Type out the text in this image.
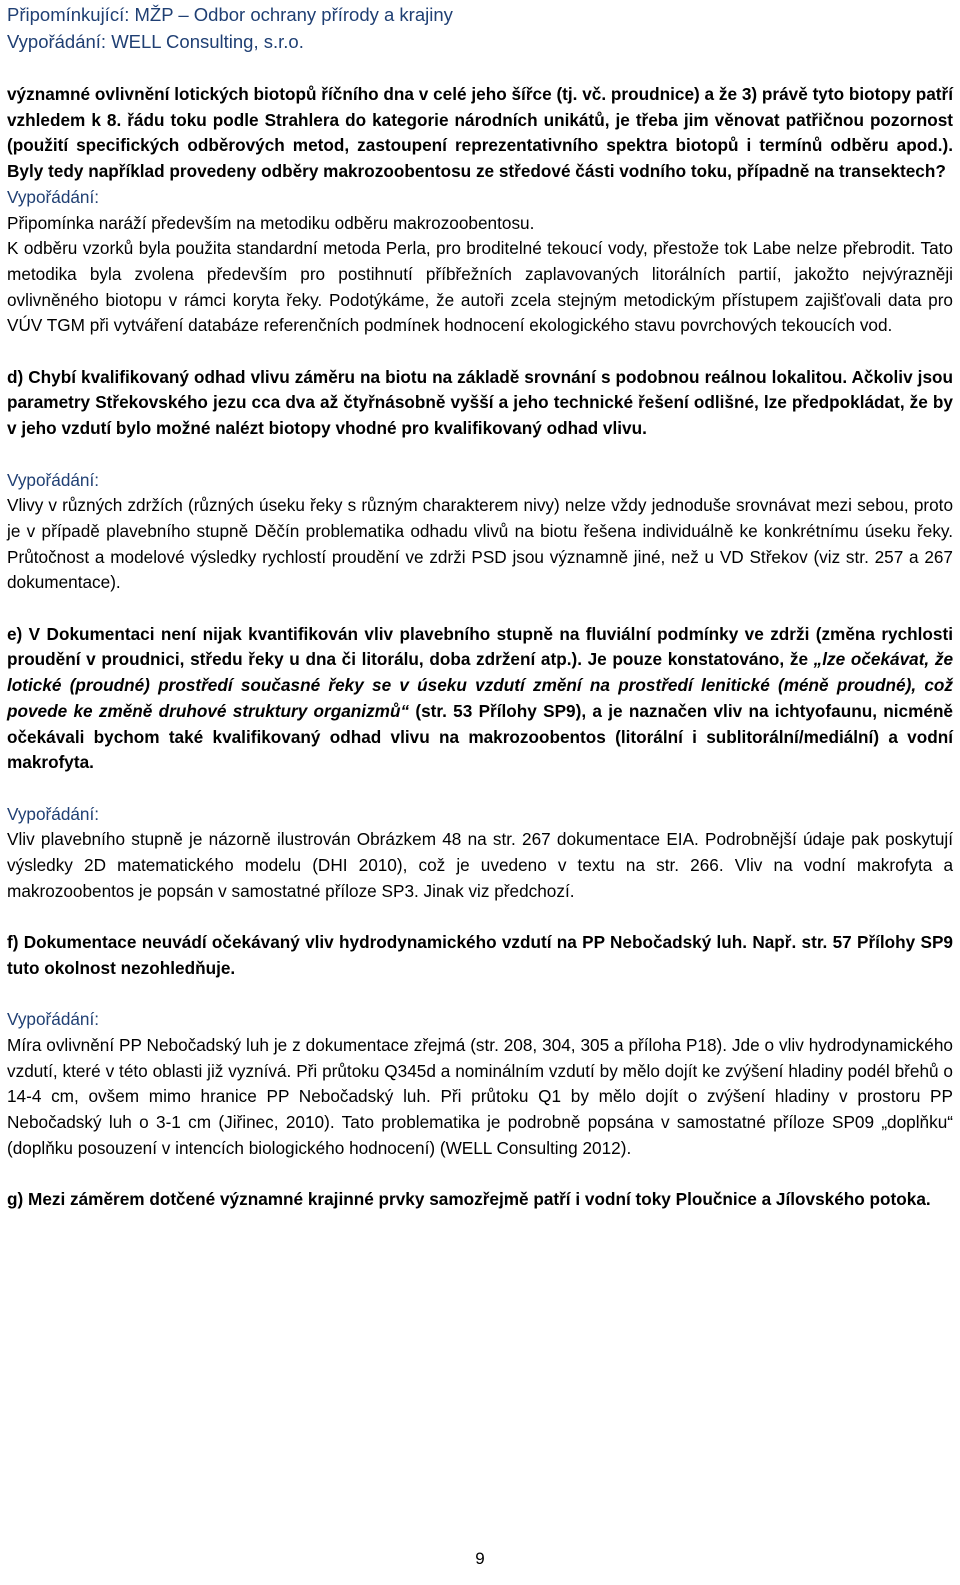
Připomínkující: MŽP – Odbor ochrany přírody a krajiny
Vypořádání: WELL Consulting, s.r.o.

významné ovlivnění lotických biotopů říčního dna v celé jeho šířce (tj. vč. proudnice) a že 3) právě tyto biotopy patří vzhledem k 8. řádu toku podle Strahlera do kategorie národních unikátů, je třeba jim věnovat patřičnou pozornost (použití specifických odběrových metod, zastoupení reprezentativního spektra biotopů i termínů odběru apod.). Byly tedy například provedeny odběry makrozoobentosu ze středové části vodního toku, případně na transektech?

Vypořádání:

Připomínka naráží především na metodiku odběru makrozoobentosu.

K odběru vzorků byla použita standardní metoda Perla, pro broditelné tekoucí vody, přestože tok Labe nelze přebrodit. Tato metodika byla zvolena především pro postihnutí příbřežních zaplavovaných litorálních partií, jakožto nejvýrazněji ovlivněného biotopu v rámci koryta řeky. Podotýkáme, že autoři zcela stejným metodickým přístupem zajišťovali data pro VÚV TGM při vytváření databáze referenčních podmínek hodnocení ekologického stavu povrchových tekoucích vod.

d) Chybí kvalifikovaný odhad vlivu záměru na biotu na základě srovnání s podobnou reálnou lokalitou. Ačkoliv jsou parametry Střekovského jezu cca dva až čtyřnásobně vyšší a jeho technické řešení odlišné, lze předpokládat, že by v jeho vzdutí bylo možné nalézt biotopy vhodné pro kvalifikovaný odhad vlivu.

Vypořádání:

Vlivy v různých zdržích (různých úseku řeky s různým charakterem nivy) nelze vždy jednoduše srovnávat mezi sebou, proto je v případě plavebního stupně Děčín problematika odhadu vlivů na biotu řešena individuálně ke konkrétnímu úseku řeky. Průtočnost a modelové výsledky rychlostí proudění ve zdrži PSD jsou významně jiné, než u VD Střekov (viz str. 257 a 267 dokumentace).

e) V Dokumentaci není nijak kvantifikován vliv plavebního stupně na fluviální podmínky ve zdrži (změna rychlosti proudění v proudnici, středu řeky u dna či litorálu, doba zdržení atp.). Je pouze konstatováno, že „lze očekávat, že lotické (proudné) prostředí současné řeky se v úseku vzdutí změní na prostředí lenitické (méně proudné), což povede ke změně druhové struktury organizmů“ (str. 53 Přílohy SP9), a je naznačen vliv na ichtyofaunu, nicméně očekávali bychom také kvalifikovaný odhad vlivu na makrozoobentos (litorální i sublitorální/mediální) a vodní makrofyta.

Vypořádání:

Vliv plavebního stupně je názorně ilustrován Obrázkem 48 na str. 267 dokumentace EIA. Podrobnější údaje pak poskytují výsledky 2D matematického modelu (DHI 2010), což je uvedeno v textu na str. 266. Vliv na vodní makrofyta a makrozoobentos je popsán v samostatné příloze SP3. Jinak viz předchozí.

f) Dokumentace neuvádí očekávaný vliv hydrodynamického vzdutí na PP Nebočadský luh. Např. str. 57 Přílohy SP9 tuto okolnost nezohledňuje.

Vypořádání:

Míra ovlivnění PP Nebočadský luh je z dokumentace zřejmá (str. 208, 304, 305 a příloha P18). Jde o vliv hydrodynamického vzdutí, které v této oblasti již vyznívá. Při průtoku Q345d a nominálním vzdutí by mělo dojít ke zvýšení hladiny podél břehů o 14-4 cm, ovšem mimo hranice PP Nebočadský luh. Při průtoku Q1 by mělo dojít o zvýšení hladiny v prostoru PP Nebočadský luh o 3-1 cm (Jiřinec, 2010). Tato problematika je podrobně popsána v samostatné příloze SP09 „doplňku“ (doplňku posouzení v intencích biologického hodnocení) (WELL Consulting 2012).

g) Mezi záměrem dotčené významné krajinné prvky samozřejmě patří i vodní toky Ploučnice a Jílovského potoka.

9
